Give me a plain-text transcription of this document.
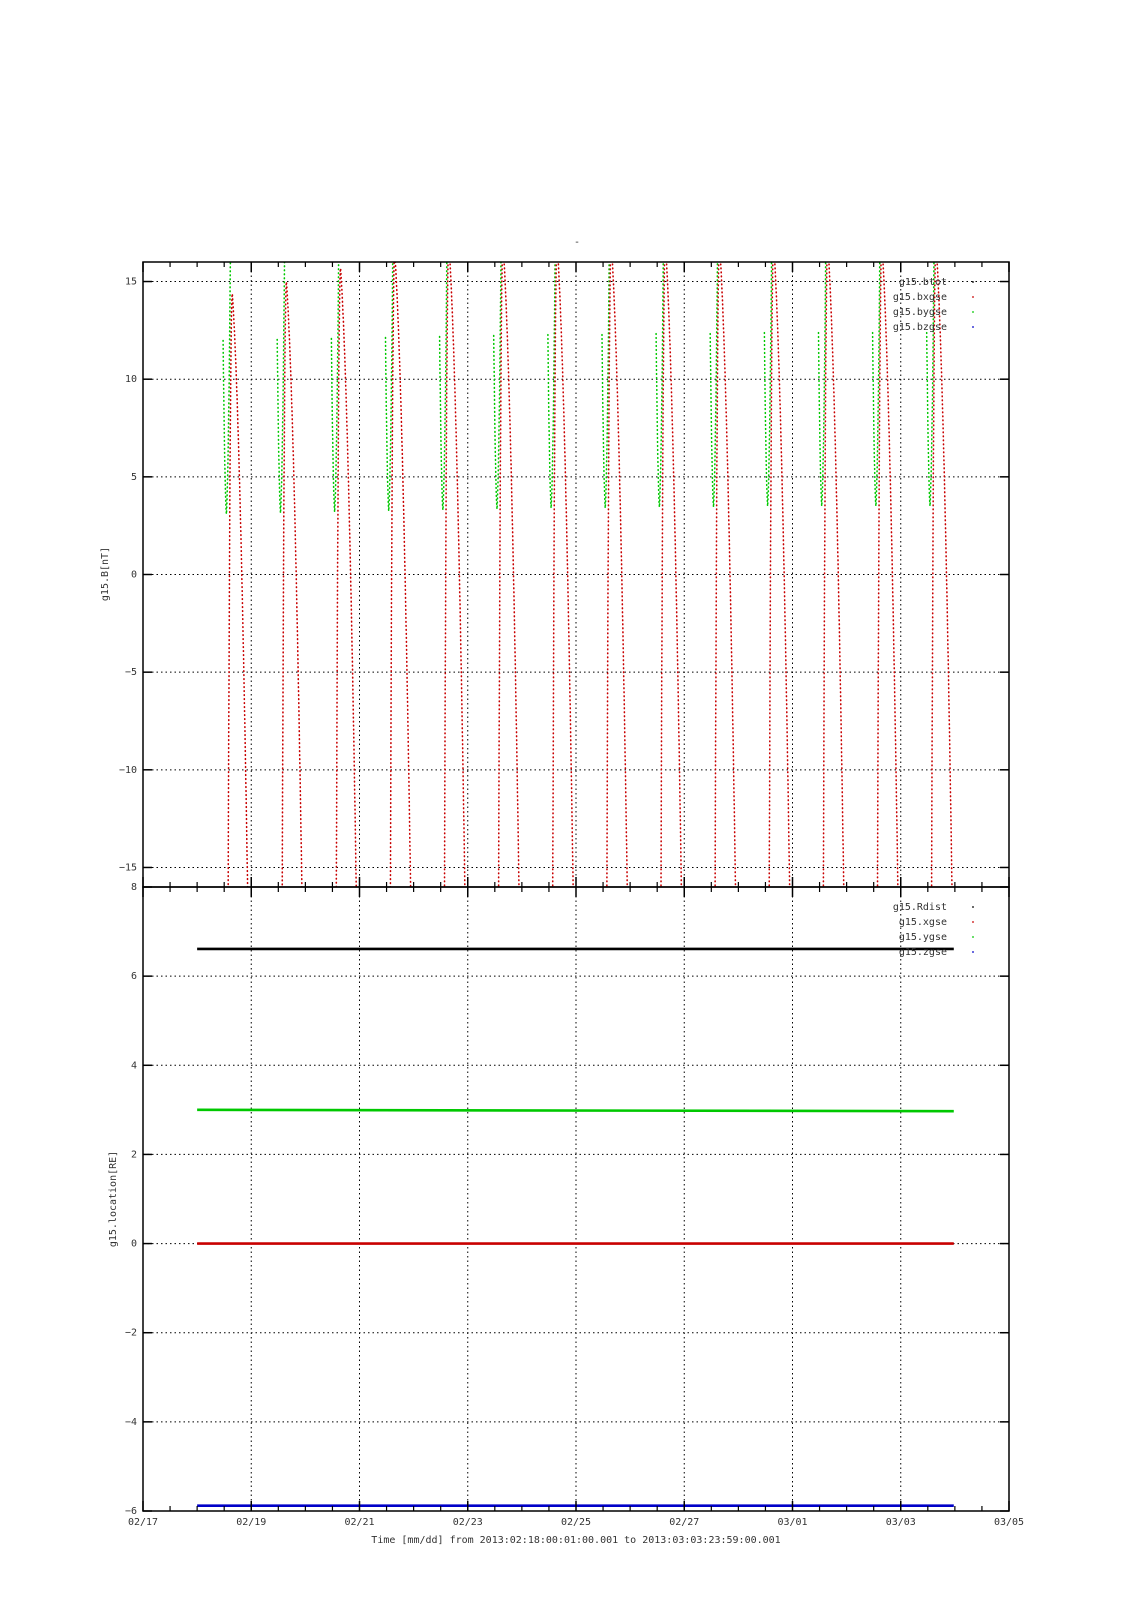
-
−15
−10
−5
0
5
10
15
g15.B[nT]
g15.btot
g15.bxgse
g15.bygse
g15.bzgse
−6
−4
−2
0
2
4
6
8
g15.location[RE]
g15.Rdist
g15.xgse
g15.ygse
g15.zgse
02/17	02/19	02/21	02/23	02/25	02/27	03/01	03/03	03/05
Time [mm/dd] from 2013:02:18:00:01:00.001 to 2013:03:03:23:59:00.001
